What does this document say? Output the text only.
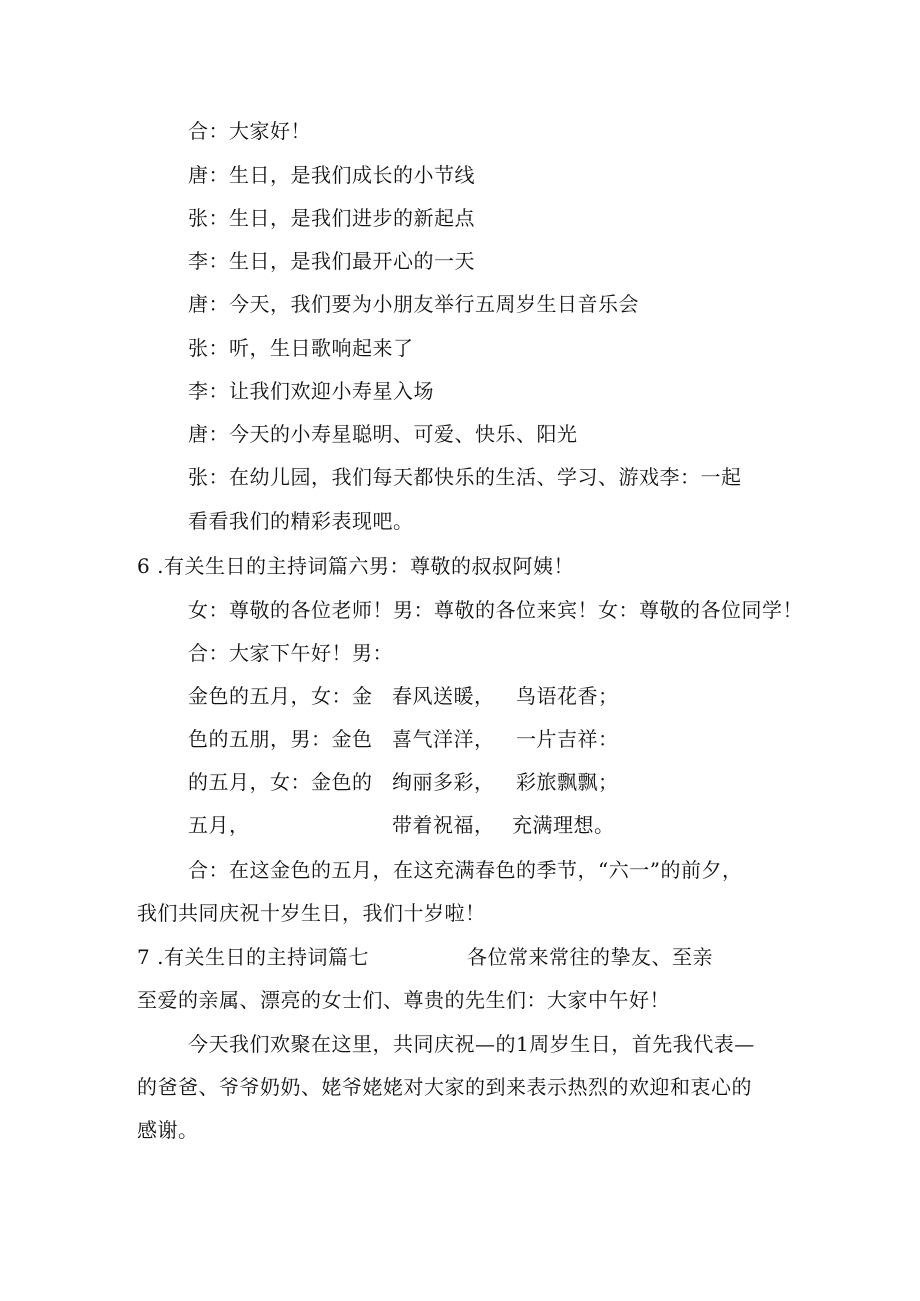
合：大家好！
唐：生日，是我们成长的小节线
张：生日，是我们进步的新起点
李：生日，是我们最开心的一天
唐：今天，我们要为小朋友举行五周岁生日音乐会
张：听，生日歌响起来了
李：让我们欢迎小寿星入场
唐：今天的小寿星聪明、可爱、快乐、阳光
张：在幼儿园，我们每天都快乐的生活、学习、游戏李：一起
看看我们的精彩表现吧。
6 .有关生日的主持词篇六男：尊敬的叔叔阿姨！
女：尊敬的各位老师！男：尊敬的各位来宾！女：尊敬的各位同学！
合：大家下午好！男：
金色的五月，女：金 春风送暖， 鸟语花香；
色的五朋，男：金色 喜气洋洋， 一片吉祥：
的五月，女：金色的 绚丽多彩， 彩旅飘飘；
五月，	带着祝福， 充满理想。
合：在这金色的五月，在这充满春色的季节，“六一”的前夕，
我们共同庆祝十岁生日，我们十岁啦！
7 .有关生日的主持词篇七	各位常来常往的挚友、至亲
至爱的亲属、漂亮的女士们、尊贵的先生们：大家中午好！
今天我们欢聚在这里，共同庆祝—的1周岁生日，首先我代表—
的爸爸、爷爷奶奶、姥爷姥姥对大家的到来表示热烈的欢迎和衷心的
感谢。
